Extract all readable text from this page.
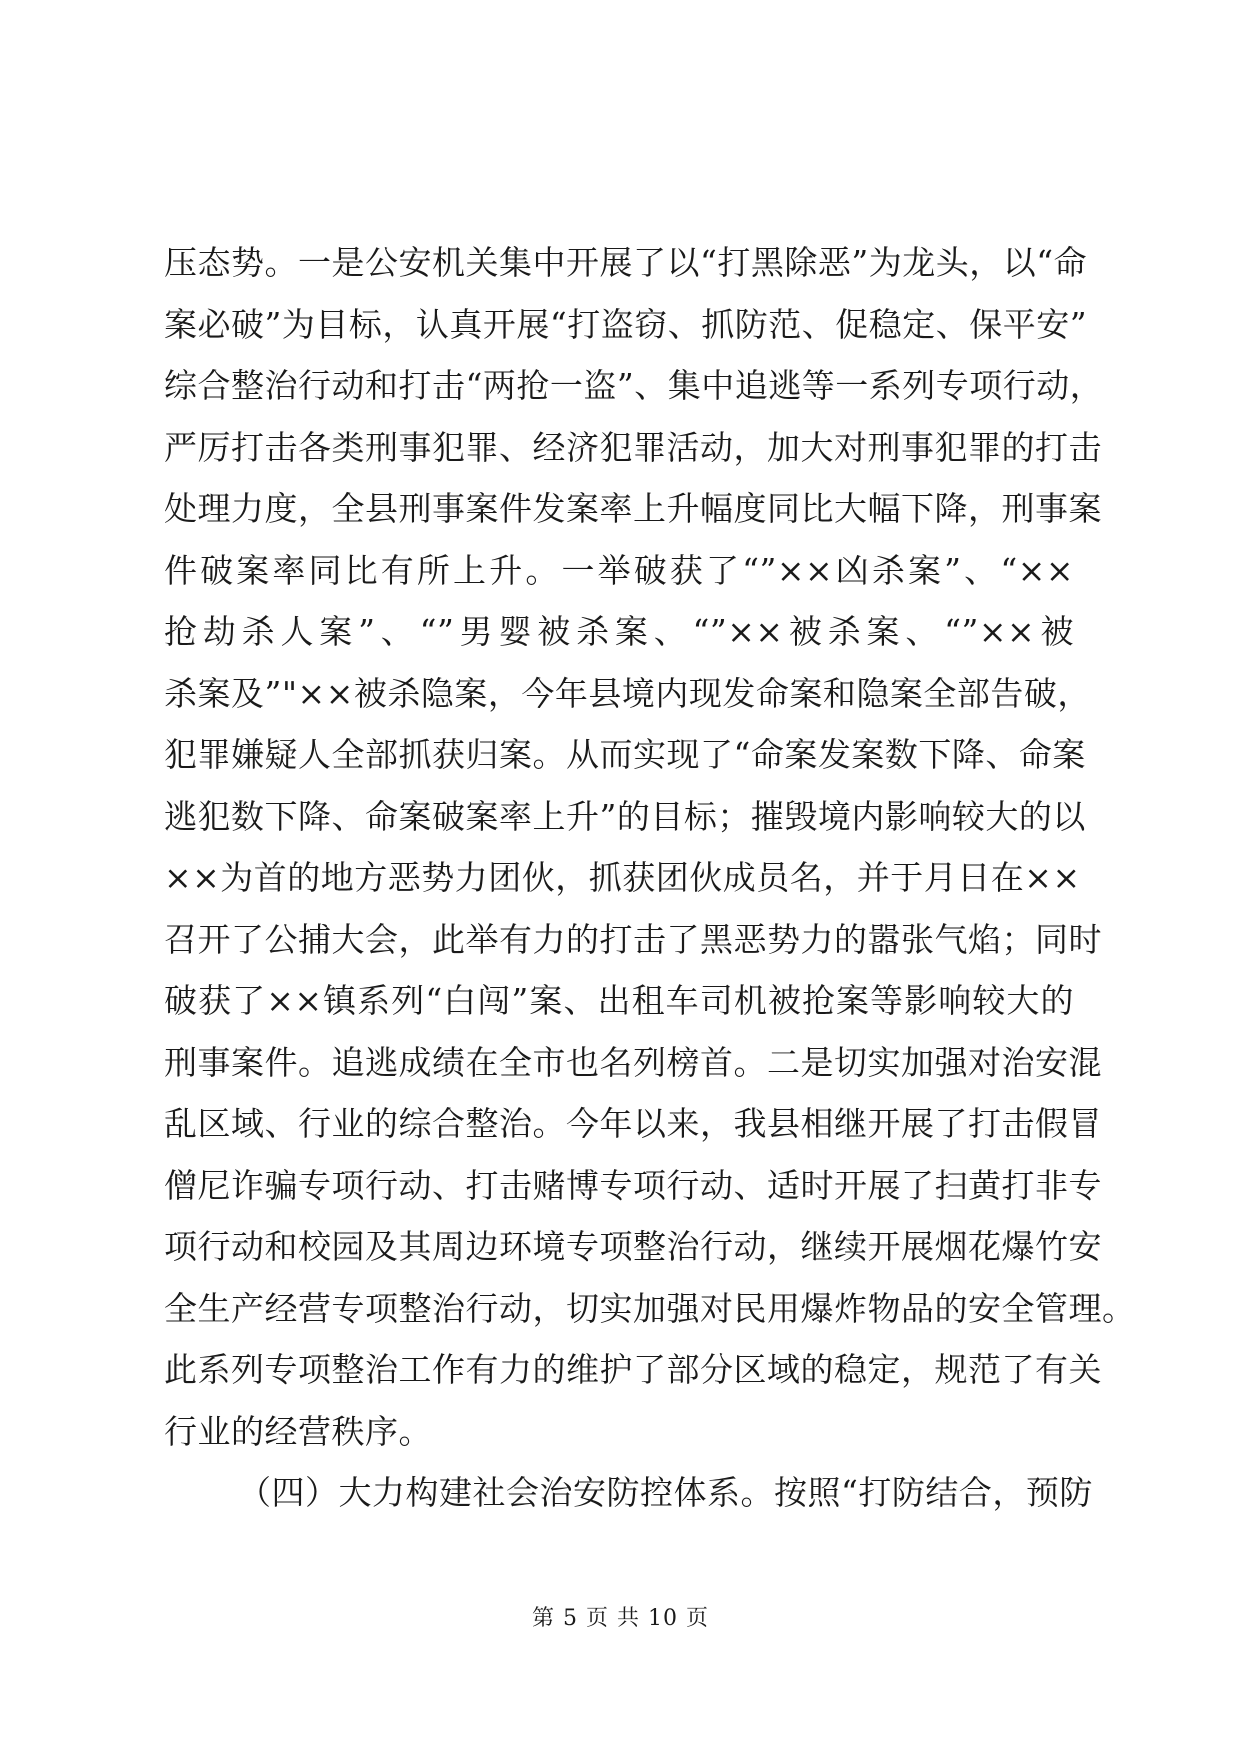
压态势。一是公安机关集中开展了以“打黑除恶”为龙头，以“命
案必破”为目标，认真开展“打盗窃、抓防范、促稳定、保平安”
综合整治行动和打击“两抢一盗”、集中追逃等一系列专项行动，
严厉打击各类刑事犯罪、经济犯罪活动，加大对刑事犯罪的打击
处理力度，全县刑事案件发案率上升幅度同比大幅下降，刑事案
件破案率同比有所上升。一举破获了“”××凶杀案”、“××
抢劫杀人案”、“”男婴被杀案、“”××被杀案、“”××被
杀案及”"××被杀隐案，今年县境内现发命案和隐案全部告破，
犯罪嫌疑人全部抓获归案。从而实现了“命案发案数下降、命案
逃犯数下降、命案破案率上升”的目标；摧毁境内影响较大的以
××为首的地方恶势力团伙，抓获团伙成员名，并于月日在××
召开了公捕大会，此举有力的打击了黑恶势力的嚣张气焰；同时
破获了××镇系列“白闯”案、出租车司机被抢案等影响较大的
刑事案件。追逃成绩在全市也名列榜首。二是切实加强对治安混
乱区域、行业的综合整治。今年以来，我县相继开展了打击假冒
僧尼诈骗专项行动、打击赌博专项行动、适时开展了扫黄打非专
项行动和校园及其周边环境专项整治行动，继续开展烟花爆竹安
全生产经营专项整治行动，切实加强对民用爆炸物品的安全管理。
此系列专项整治工作有力的维护了部分区域的稳定，规范了有关
行业的经营秩序。
（四）大力构建社会治安防控体系。按照“打防结合，预防
第 5 页 共 10 页
